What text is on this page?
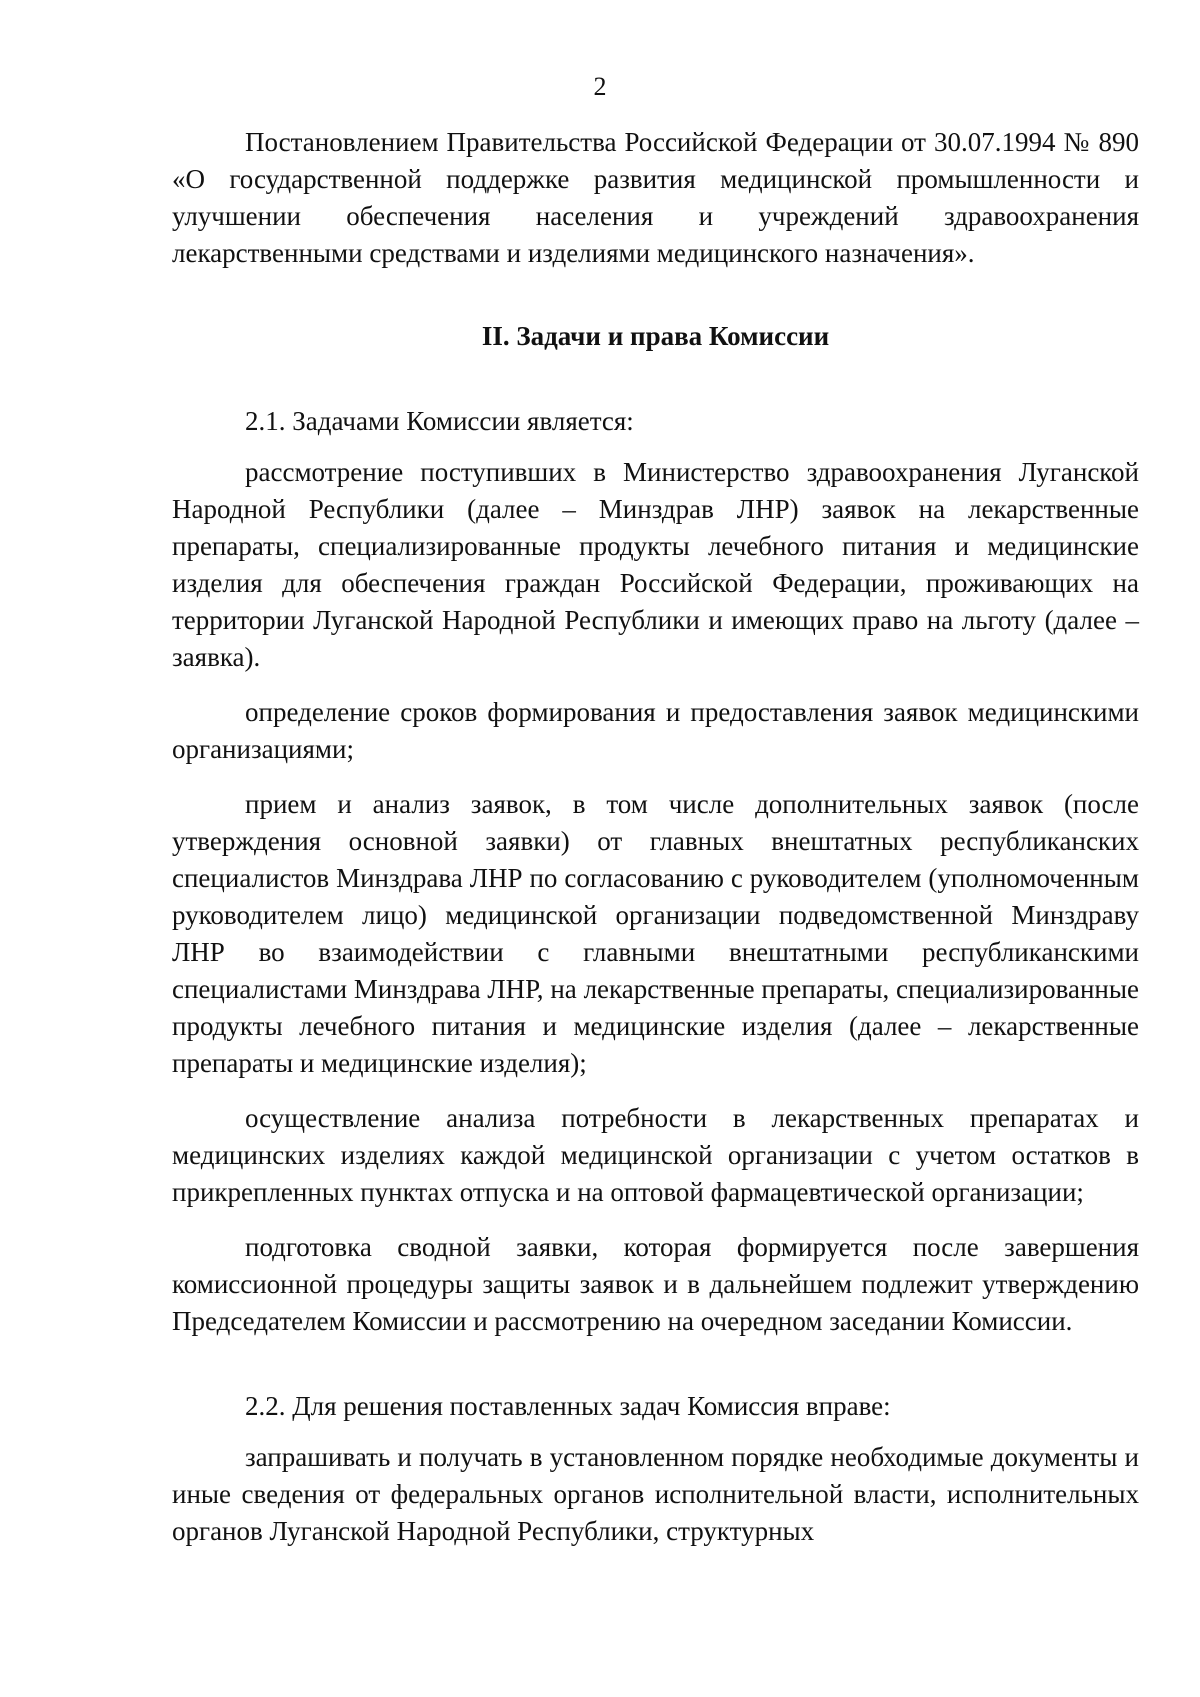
2

Постановлением Правительства Российской Федерации от 30.07.1994 № 890 «О государственной поддержке развития медицинской промышленности и улучшении обеспечения населения и учреждений здравоохранения лекарственными средствами и изделиями медицинского назначения».

II. Задачи и права Комиссии

2.1. Задачами Комиссии является:

рассмотрение поступивших в Министерство здравоохранения Луганской Народной Республики (далее – Минздрав ЛНР) заявок на лекарственные препараты, специализированные продукты лечебного питания и медицинские изделия для обеспечения граждан Российской Федерации, проживающих на территории Луганской Народной Республики и имеющих право на льготу (далее – заявка).

определение сроков формирования и предоставления заявок медицинскими организациями;

прием и анализ заявок, в том числе дополнительных заявок (после утверждения основной заявки) от главных внештатных республиканских специалистов Минздрава ЛНР по согласованию с руководителем (уполномоченным руководителем лицо) медицинской организации подведомственной Минздраву ЛНР во взаимодействии с главными внештатными республиканскими специалистами Минздрава ЛНР, на лекарственные препараты, специализированные продукты лечебного питания и медицинские изделия (далее – лекарственные препараты и медицинские изделия);

осуществление анализа потребности в лекарственных препаратах и медицинских изделиях каждой медицинской организации с учетом остатков в прикрепленных пунктах отпуска и на оптовой фармацевтической организации;

подготовка сводной заявки, которая формируется после завершения комиссионной процедуры защиты заявок и в дальнейшем подлежит утверждению Председателем Комиссии и рассмотрению на очередном заседании Комиссии.

2.2. Для решения поставленных задач Комиссия вправе:

запрашивать и получать в установленном порядке необходимые документы и иные сведения от федеральных органов исполнительной власти, исполнительных органов Луганской Народной Республики, структурных
